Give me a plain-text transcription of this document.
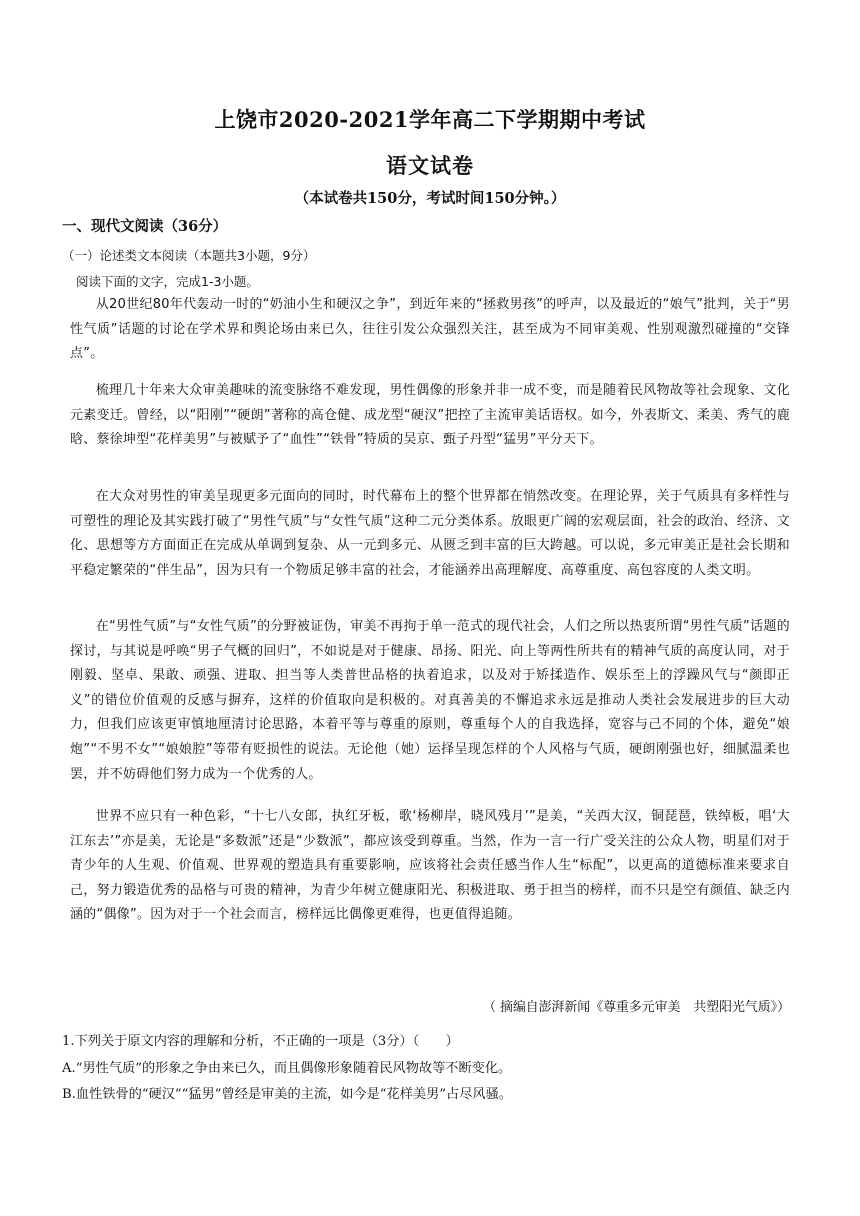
上饶市2020-2021学年高二下学期期中考试
语文试卷
（本试卷共150分，考试时间150分钟。）
一、现代文阅读（36分）
（一）论述类文本阅读（本题共3小题，9分）
阅读下面的文字，完成1-3小题。

从20世纪80年代轰动一时的“奶油小生和硬汉之争”，到近年来的“拯救男孩”的呼声，以及最近的“娘气”批判，关于“男性气质”话题的讨论在学术界和舆论场由来已久，往往引发公众强烈关注，甚至成为不同审美观、性别观激烈碰撞的“交锋点”。

梳理几十年来大众审美趣味的流变脉络不难发现，男性偶像的形象并非一成不变，而是随着民风物故等社会现象、文化元素变迁。曾经，以“阳刚”“硬朗”著称的高仓健、成龙型“硬汉”把控了主流审美话语权。如今，外表斯文、柔美、秀气的鹿晗、蔡徐坤型“花样美男”与被赋予了“血性”“铁骨”特质的吴京、甄子丹型“猛男”平分天下。

在大众对男性的审美呈现更多元面向的同时，时代幕布上的整个世界都在悄然改变。在理论界，关于气质具有多样性与可塑性的理论及其实践打破了“男性气质”与“女性气质”这种二元分类体系。放眼更广阔的宏观层面，社会的政治、经济、文化、思想等方方面面正在完成从单调到复杂、从一元到多元、从匮乏到丰富的巨大跨越。可以说，多元审美正是社会长期和平稳定繁荣的“伴生品”，因为只有一个物质足够丰富的社会，才能涵养出高理解度、高尊重度、高包容度的人类文明。

在“男性气质”与“女性气质”的分野被证伪，审美不再拘于单一范式的现代社会，人们之所以热衷所谓“男性气质”话题的探讨，与其说是呼唤“男子气概的回归”，不如说是对于健康、昂扬、阳光、向上等两性所共有的精神气质的高度认同，对于刚毅、坚卓、果敢、顽强、进取、担当等人类普世品格的执着追求，以及对于矫揉造作、娱乐至上的浮躁风气与“颜即正义”的错位价值观的反感与摒弃，这样的价值取向是积极的。对真善美的不懈追求永远是推动人类社会发展进步的巨大动力，但我们应该更审慎地厘清讨论思路，本着平等与尊重的原则，尊重每个人的自我选择，宽容与己不同的个体，避免“娘炮”“不男不女”“娘娘腔”等带有贬损性的说法。无论他（她）运择呈现怎样的个人风格与气质，硬朗刚强也好，细腻温柔也罢，并不妨碍他们努力成为一个优秀的人。

世界不应只有一种色彩，“十七八女郎，执红牙板，歌‘杨柳岸，晓风残月’”是美，“关西大汉，铜琵琶，铁绰板，唱‘大江东去’”亦是美，无论是“多数派”还是“少数派”，都应该受到尊重。当然，作为一言一行广受关注的公众人物，明星们对于青少年的人生观、价值观、世界观的塑造具有重要影响，应该将社会责任感当作人生“标配”，以更高的道德标准来要求自己，努力锻造优秀的品格与可贵的精神，为青少年树立健康阳光、积极进取、勇于担当的榜样，而不只是空有颜值、缺乏内涵的“偶像”。因为对于一个社会而言，榜样远比偶像更难得，也更值得追随。

（ 摘编自澎湃新闻《尊重多元审美　共塑阳光气质》）
1.下列关于原文内容的理解和分析，不正确的一项是（3分）（　　）
A.“男性气质”的形象之争由来已久，而且偶像形象随着民风物故等不断变化。
B.血性铁骨的“硬汉”“猛男”曾经是审美的主流，如今是“花样美男”占尽风骚。
